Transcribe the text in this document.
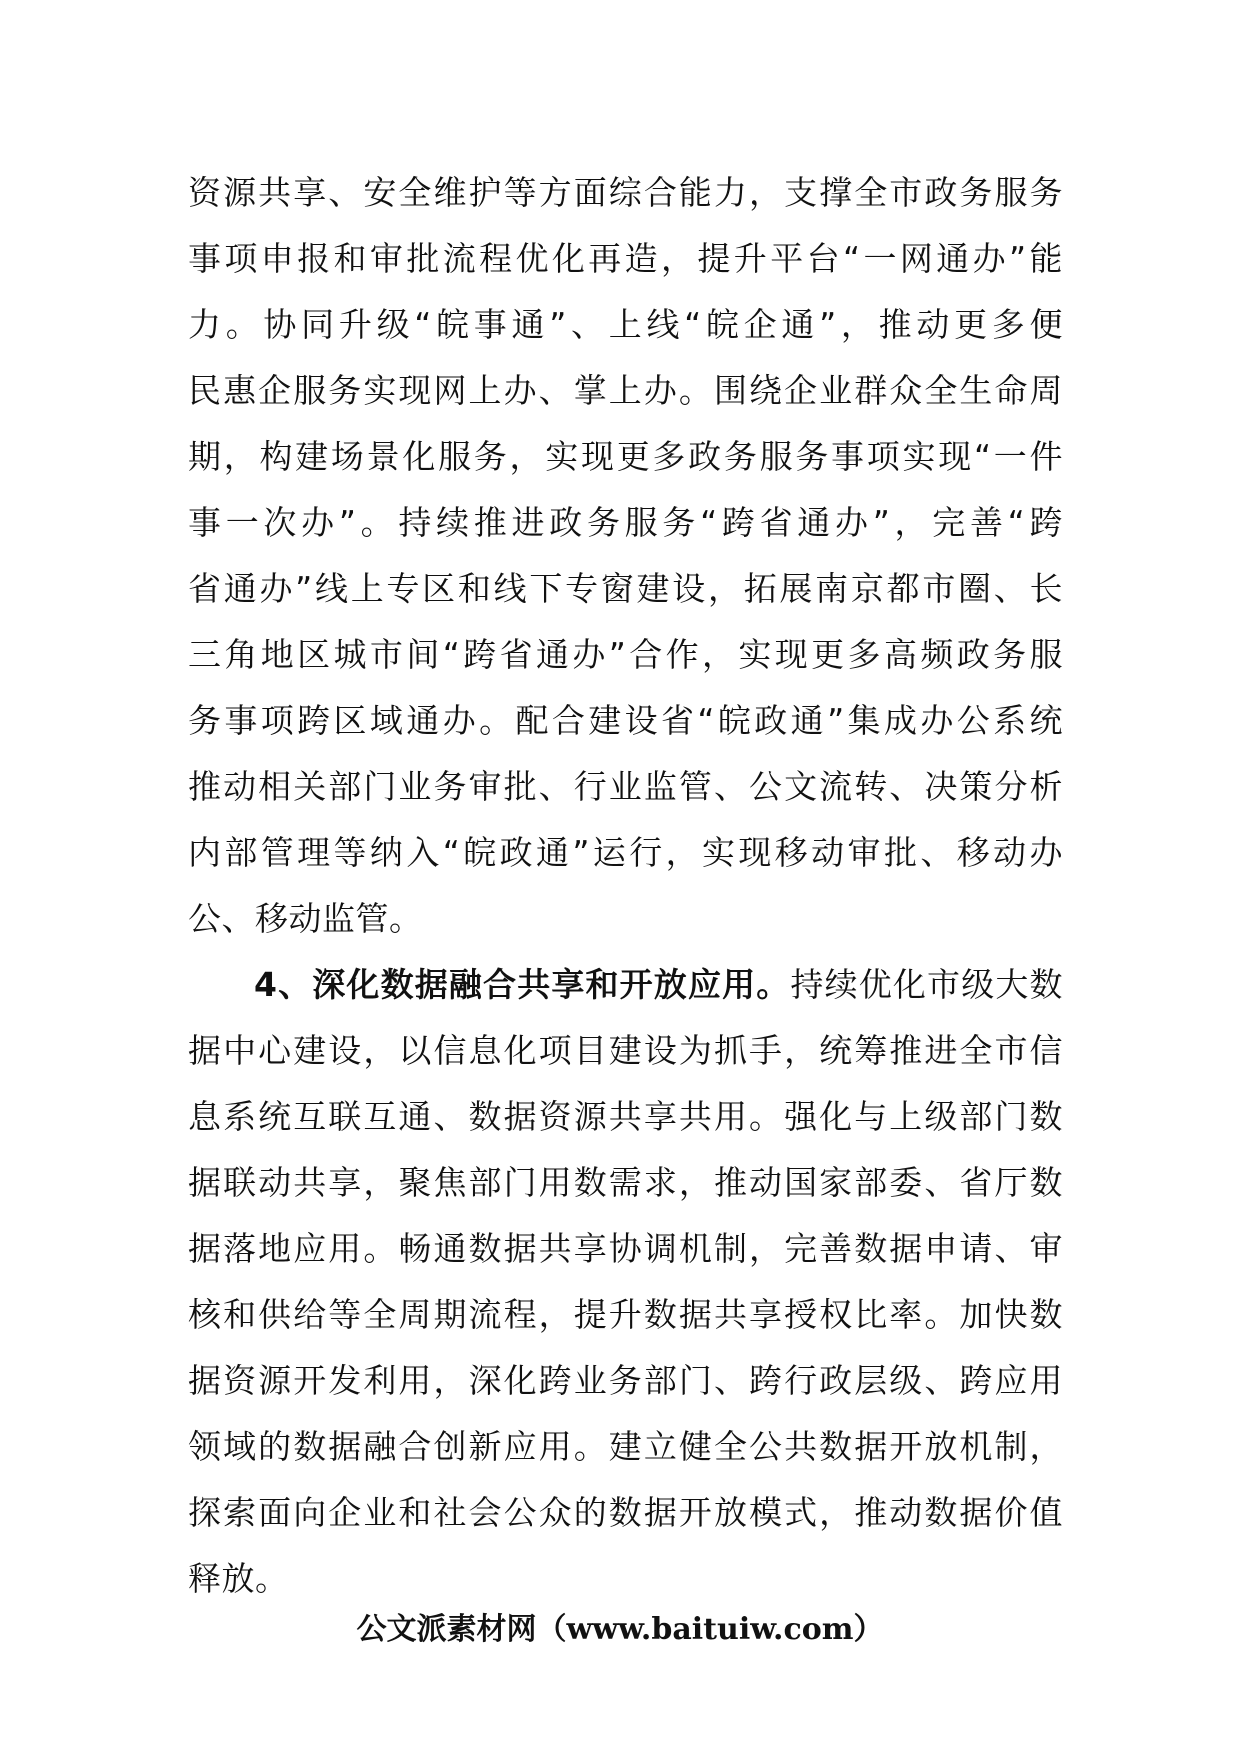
资源共享、安全维护等方面综合能力，支撑全市政务服务
事项申报和审批流程优化再造，提升平台“一网通办”能
力。协同升级“皖事通”、上线“皖企通”，推动更多便
民惠企服务实现网上办、掌上办。围绕企业群众全生命周
期，构建场景化服务，实现更多政务服务事项实现“一件
事一次办”。持续推进政务服务“跨省通办”，完善“跨
省通办”线上专区和线下专窗建设，拓展南京都市圈、长
三角地区城市间“跨省通办”合作，实现更多高频政务服
务事项跨区域通办。配合建设省“皖政通”集成办公系统
推动相关部门业务审批、行业监管、公文流转、决策分析
内部管理等纳入“皖政通”运行，实现移动审批、移动办
公、移动监管。
4、深化数据融合共享和开放应用。持续优化市级大数
据中心建设，以信息化项目建设为抓手，统筹推进全市信
息系统互联互通、数据资源共享共用。强化与上级部门数
据联动共享，聚焦部门用数需求，推动国家部委、省厅数
据落地应用。畅通数据共享协调机制，完善数据申请、审
核和供给等全周期流程，提升数据共享授权比率。加快数
据资源开发利用，深化跨业务部门、跨行政层级、跨应用
领域的数据融合创新应用。建立健全公共数据开放机制，
探索面向企业和社会公众的数据开放模式，推动数据价值
释放。
公文派素材网（www.baituiw.com）
